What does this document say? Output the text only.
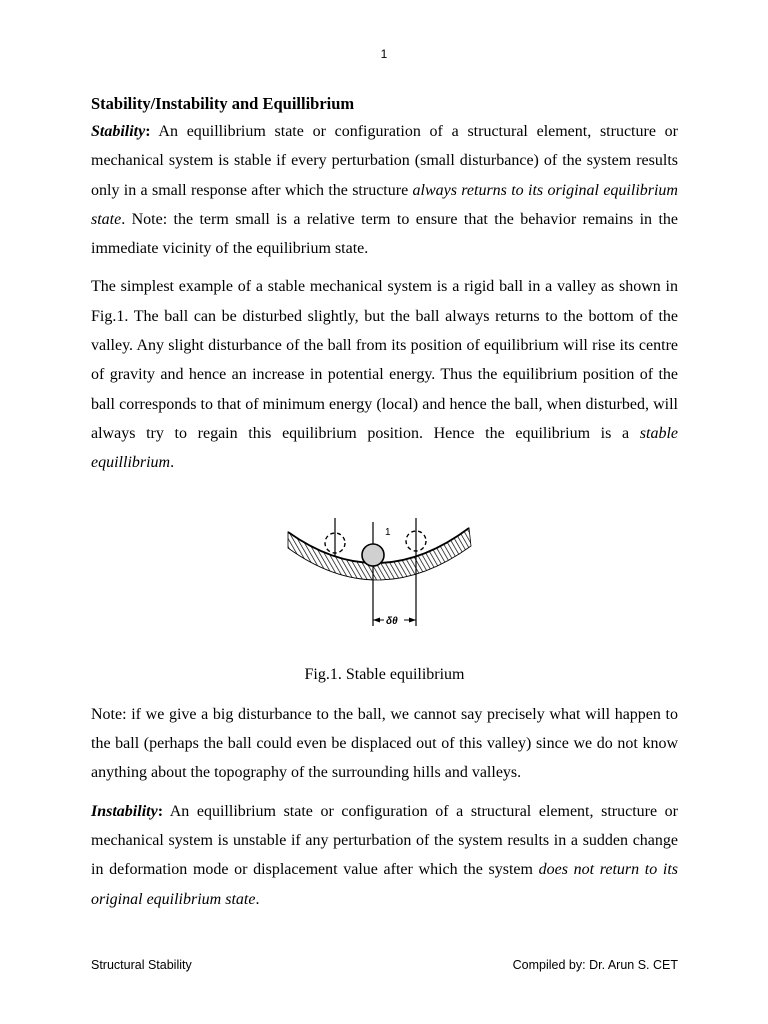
1
Stability/Instability and Equillibrium

Stability: An equillibrium state or configuration of a structural element, structure or mechanical system is stable if every perturbation (small disturbance) of the system results only in a small response after which the structure always returns to its original equilibrium state. Note: the term small is a relative term to ensure that the behavior remains in the immediate vicinity of the equilibrium state.

The simplest example of a stable mechanical system is a rigid ball in a valley as shown in Fig.1. The ball can be disturbed slightly, but the ball always returns to the bottom of the valley. Any slight disturbance of the ball from its position of equilibrium will rise its centre of gravity and hence an increase in potential energy. Thus the equilibrium position of the ball corresponds to that of minimum energy (local) and hence the ball, when disturbed, will always try to regain this equilibrium position. Hence the equilibrium is a stable equillibrium.

1
δθ

Fig.1. Stable equilibrium

Note: if we give a big disturbance to the ball, we cannot say precisely what will happen to the ball (perhaps the ball could even be displaced out of this valley) since we do not know anything about the topography of the surrounding hills and valleys.

Instability: An equillibrium state or configuration of a structural element, structure or mechanical system is unstable if any perturbation of the system results in a sudden change in deformation mode or displacement value after which the system does not return to its original equilibrium state.

Structural Stability	Compiled by: Dr. Arun S. CET
